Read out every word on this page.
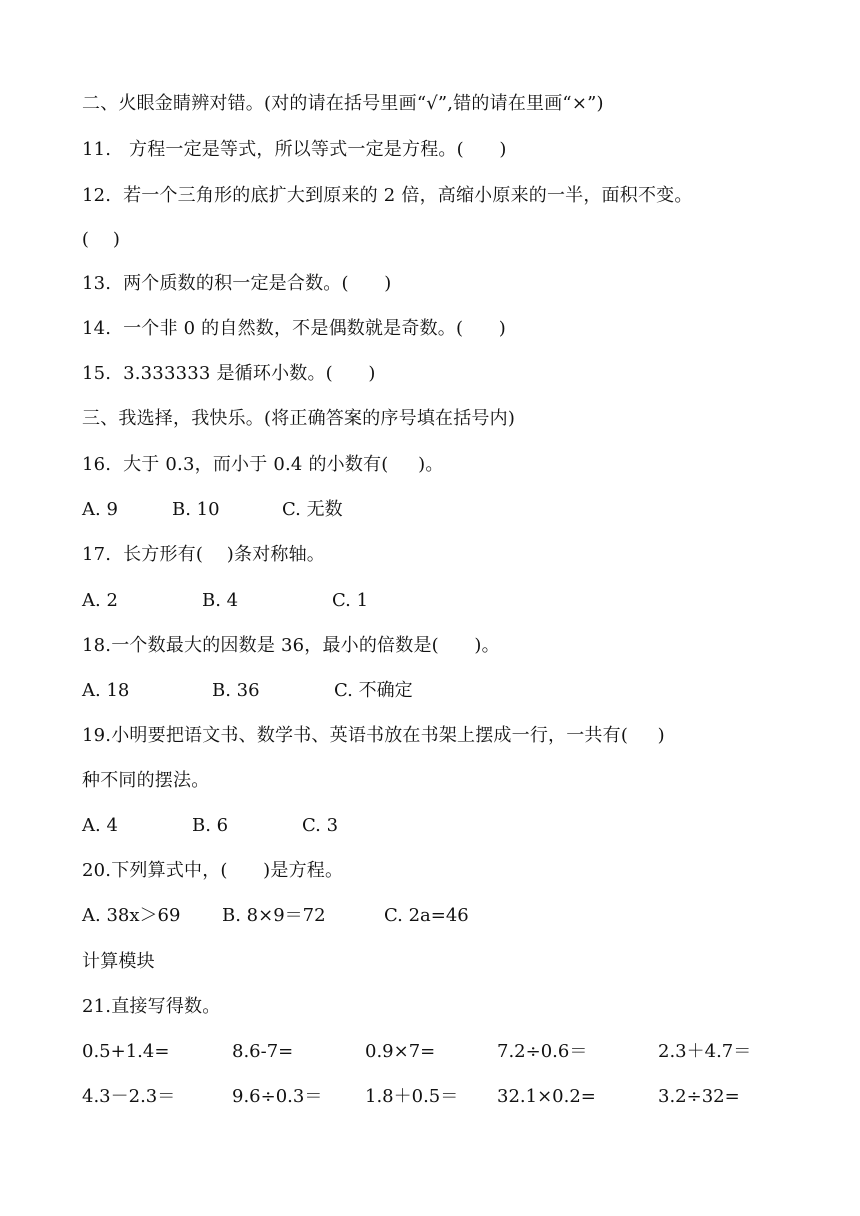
二、火眼金睛辨对错。(对的请在括号里画“√”,错的请在里画“×”)
11.   方程一定是等式，所以等式一定是方程。(      )
12.  若一个三角形的底扩大到原来的 2 倍，高缩小原来的一半，面积不变。
(    )
13.  两个质数的积一定是合数。(      )
14.  一个非 0 的自然数，不是偶数就是奇数。(      )
15.  3.333333 是循环小数。(      )
三、我选择，我快乐。(将正确答案的序号填在括号内)
16.  大于 0.3，而小于 0.4 的小数有(     )。

A. 9

	B. 10

	C. 无数

17.  长方形有(    )条对称轴。

A. 2

	B. 4

	C. 1

18.一个数最大的因数是 36，最小的倍数是(      )。

A. 18

	B. 36

	C. 不确定

19.小明要把语文书、数学书、英语书放在书架上摆成一行，一共有(     )
种不同的摆法。

A. 4

	B. 6

	C. 3

20.下列算式中，(      )是方程。

A. 38x＞69

B. 8×9＝72

	C. 2a=46

计算模块
21.直接写得数。
0.5+1.4=	8.6-7=	0.9×7=	7.2÷0.6＝	2.3＋4.7＝
4.3－2.3＝	9.6÷0.3＝ 1.8＋0.5＝ 32.1×0.2=	3.2÷32=
